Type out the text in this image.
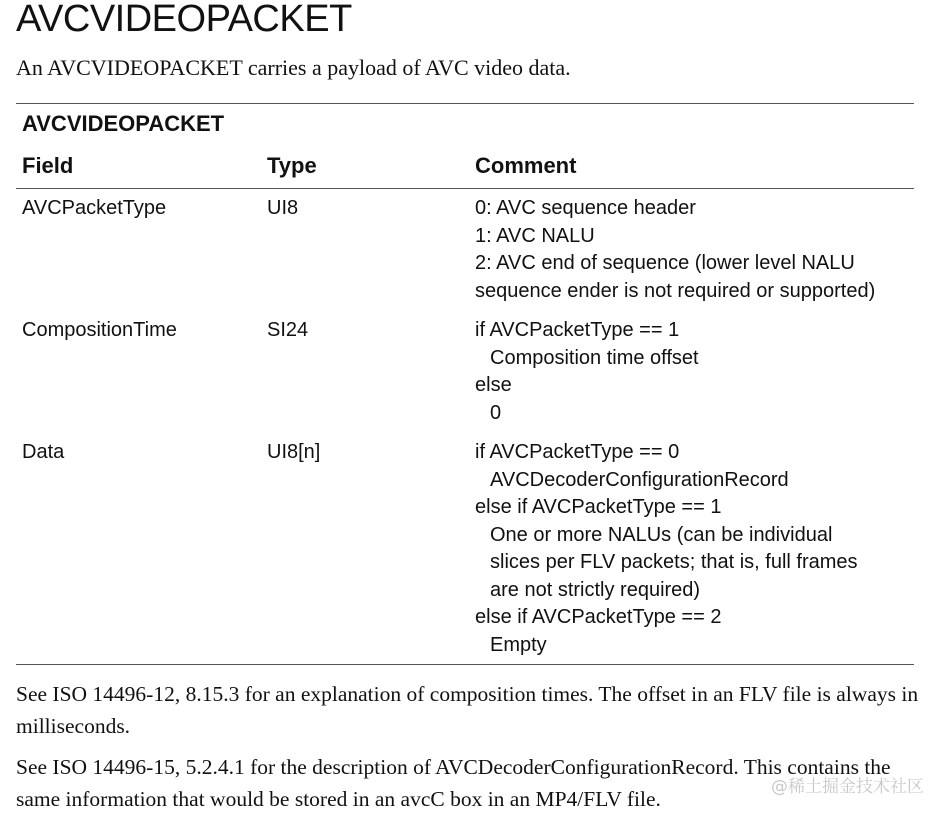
AVCVIDEOPACKET

An AVCVIDEOPACKET carries a payload of AVC video data.

AVCVIDEOPACKET
Field	Type	Comment
AVCPacketType	UI8	0: AVC sequence header
1: AVC NALU
2: AVC end of sequence (lower level NALU
sequence ender is not required or supported)
CompositionTime	SI24	if AVCPacketType == 1
Composition time offset
else
0
Data	UI8[n]	if AVCPacketType == 0
AVCDecoderConfigurationRecord
else if AVCPacketType == 1
One or more NALUs (can be individual
slices per FLV packets; that is, full frames
are not strictly required)
else if AVCPacketType == 2
Empty

See ISO 14496-12, 8.15.3 for an explanation of composition times. The offset in an FLV file is always in milliseconds.

See ISO 14496-15, 5.2.4.1 for the description of AVCDecoderConfigurationRecord. This contains the same information that would be stored in an avcC box in an MP4/FLV file.	@稀土掘金技术社区
